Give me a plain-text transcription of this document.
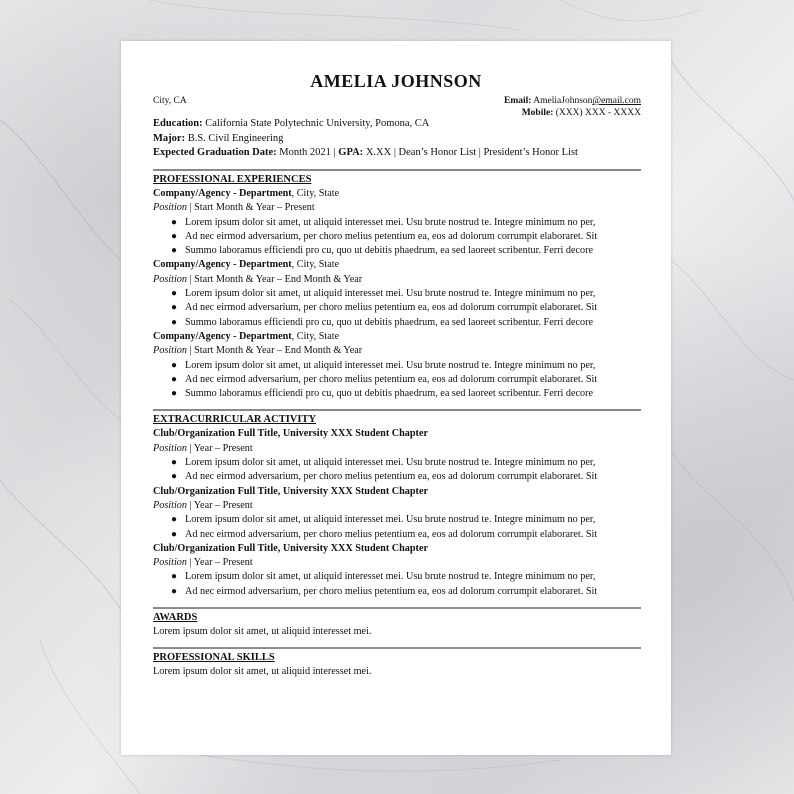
AMELIA JOHNSON
City, CA	Email: AmeliaJohnson@email.com
Mobile: (XXX) XXX - XXXX
Education: California State Polytechnic University, Pomona, CA
Major: B.S. Civil Engineering
Expected Graduation Date: Month 2021 | GPA: X.XX | Dean’s Honor List | President’s Honor List
PROFESSIONAL EXPERIENCES
Company/Agency - Department, City, State
Position | Start Month & Year – Present
● Lorem ipsum dolor sit amet, ut aliquid interesset mei. Usu brute nostrud te. Integre minimum no per,
● Ad nec eirmod adversarium, per choro melius petentium ea, eos ad dolorum corrumpit elaboraret. Sit
● Summo laboramus efficiendi pro cu, quo ut debitis phaedrum, ea sed laoreet scribentur. Ferri decore
Company/Agency - Department, City, State
Position | Start Month & Year – End Month & Year
● Lorem ipsum dolor sit amet, ut aliquid interesset mei. Usu brute nostrud te. Integre minimum no per,
● Ad nec eirmod adversarium, per choro melius petentium ea, eos ad dolorum corrumpit elaboraret. Sit
● Summo laboramus efficiendi pro cu, quo ut debitis phaedrum, ea sed laoreet scribentur. Ferri decore
Company/Agency - Department, City, State
Position | Start Month & Year – End Month & Year
● Lorem ipsum dolor sit amet, ut aliquid interesset mei. Usu brute nostrud te. Integre minimum no per,
● Ad nec eirmod adversarium, per choro melius petentium ea, eos ad dolorum corrumpit elaboraret. Sit
● Summo laboramus efficiendi pro cu, quo ut debitis phaedrum, ea sed laoreet scribentur. Ferri decore
EXTRACURRICULAR ACTIVITY
Club/Organization Full Title, University XXX Student Chapter
Position | Year – Present
● Lorem ipsum dolor sit amet, ut aliquid interesset mei. Usu brute nostrud te. Integre minimum no per,
● Ad nec eirmod adversarium, per choro melius petentium ea, eos ad dolorum corrumpit elaboraret. Sit
Club/Organization Full Title, University XXX Student Chapter
Position | Year – Present
● Lorem ipsum dolor sit amet, ut aliquid interesset mei. Usu brute nostrud te. Integre minimum no per,
● Ad nec eirmod adversarium, per choro melius petentium ea, eos ad dolorum corrumpit elaboraret. Sit
Club/Organization Full Title, University XXX Student Chapter
Position | Year – Present
● Lorem ipsum dolor sit amet, ut aliquid interesset mei. Usu brute nostrud te. Integre minimum no per,
● Ad nec eirmod adversarium, per choro melius petentium ea, eos ad dolorum corrumpit elaboraret. Sit
AWARDS
Lorem ipsum dolor sit amet, ut aliquid interesset mei.
PROFESSIONAL SKILLS
Lorem ipsum dolor sit amet, ut aliquid interesset mei.
